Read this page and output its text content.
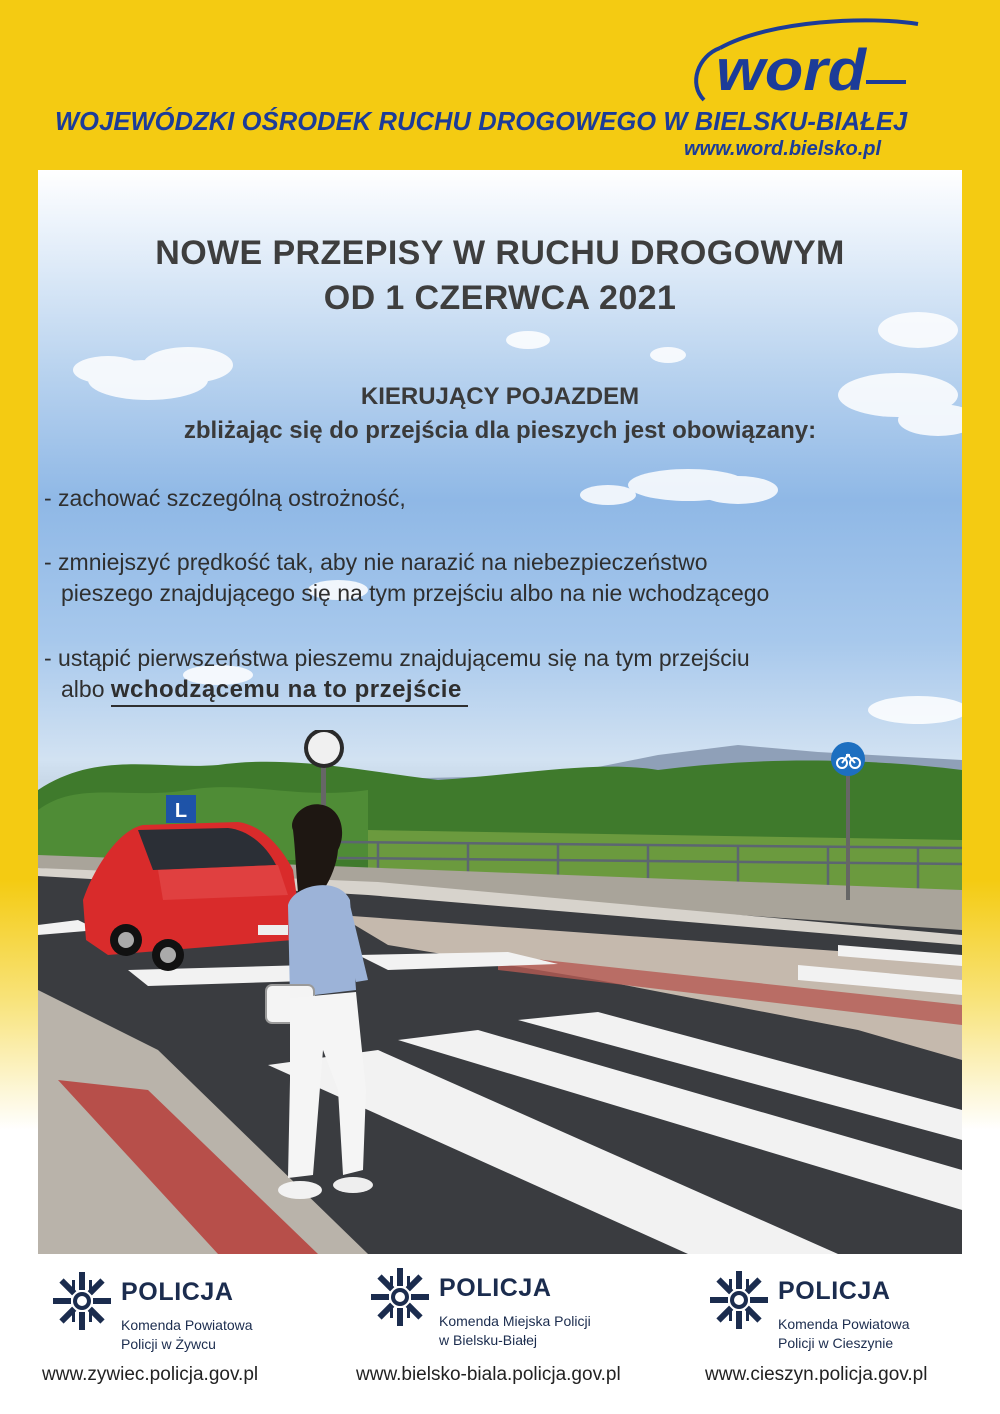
word
WOJEWÓDZKI OŚRODEK RUCHU DROGOWEGO W BIELSKU-BIAŁEJ
www.word.bielsko.pl
L
NOWE PRZEPISY W RUCHU DROGOWYM
OD 1 CZERWCA 2021
KIERUJĄCY POJAZDEM
zbliżając się do przejścia dla pieszych jest obowiązany:
- zachować szczególną ostrożność,
- zmniejszyć prędkość tak, aby nie narazić na niebezpieczeństwo
pieszego znajdującego się na tym przejściu albo na nie wchodzącego
- ustąpić pierwszeństwa pieszemu znajdującemu się na tym przejściu
albo wchodzącemu na to przejście
POLICJA
Komenda Powiatowa
Policji w Żywcu
POLICJA
Komenda Miejska Policji
w Bielsku-Białej
POLICJA
Komenda Powiatowa
Policji w Cieszynie
www.zywiec.policja.gov.pl	www.bielsko-biala.policja.gov.pl	www.cieszyn.policja.gov.pl
